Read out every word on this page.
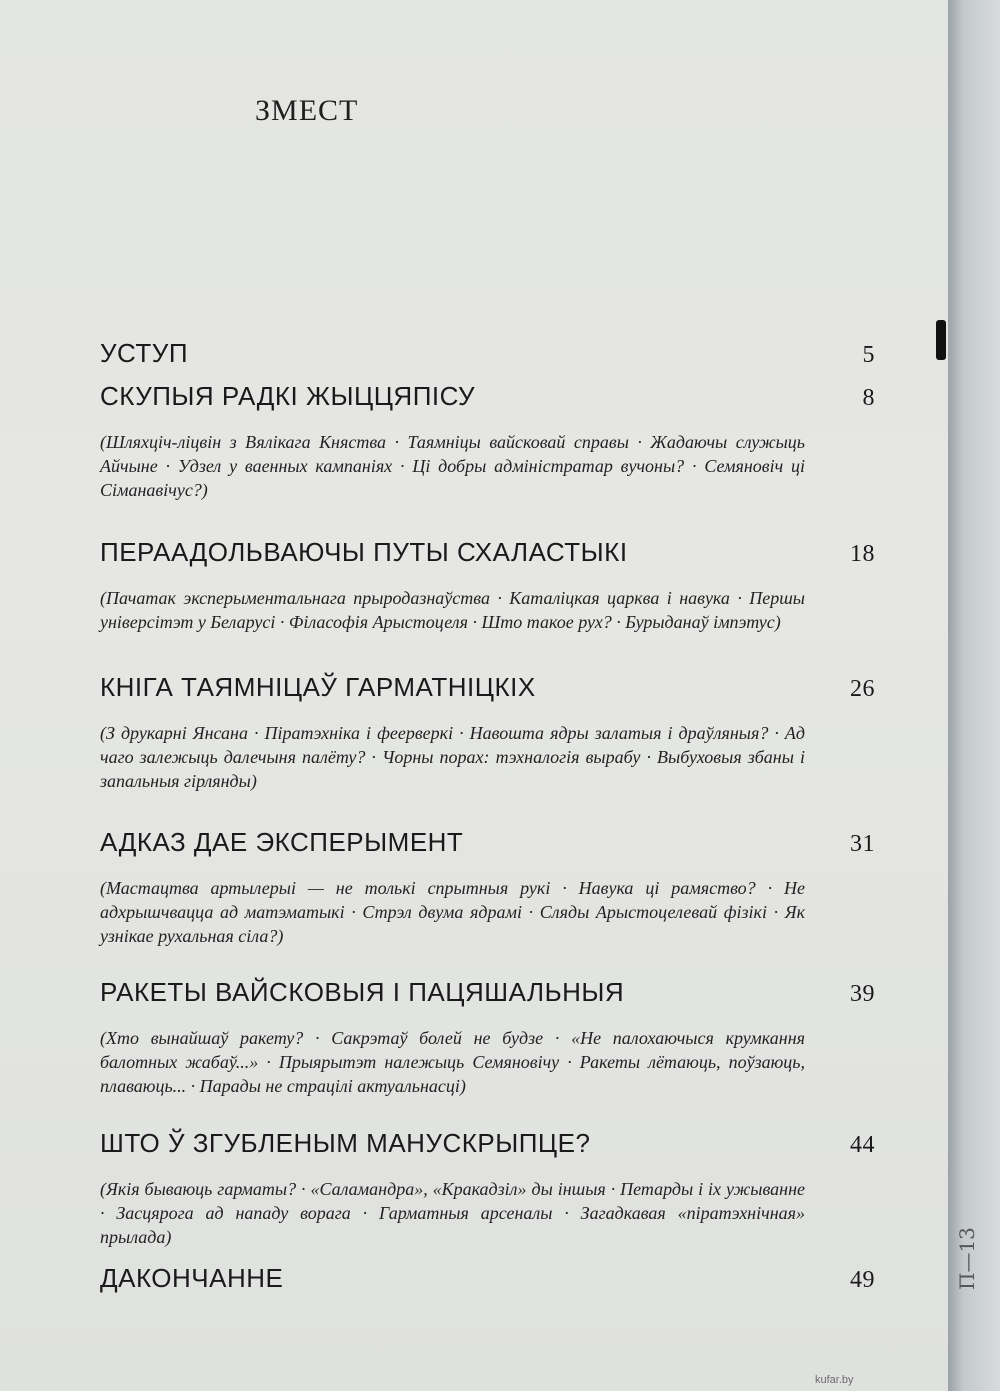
ЗМЕСТ
УСТУП	5
СКУПЫЯ РАДКІ ЖЫЦЦЯПІСУ	8
(Шляхціч-ліцвін з Вялікага Княства · Таямніцы вайсковай справы · Жадаючы служыць Айчыне · Удзел у ваенных кампаніях · Ці добры адміністратар вучоны? · Семяновіч ці Сіманавічус?)
ПЕРААДОЛЬВАЮЧЫ ПУТЫ СХАЛАСТЫКІ	18
(Пачатак эксперыментальнага прыродазнаўства · Каталіцкая царква і навука · Першы універсітэт у Беларусі · Філасофія Арыстоцеля · Што такое рух? · Бурыданаў імпэтус)
КНІГА ТАЯМНІЦАЎ ГАРМАТНІЦКІХ	26
(З друкарні Янсана · Піратэхніка і феерверкі · Навошта ядры залатыя і драўляныя? · Ад чаго залежыць далечыня палёту? · Чорны порах: тэхналогія вырабу · Выбуховыя збаны і запальныя гірлянды)
АДКАЗ ДАЕ ЭКСПЕРЫМЕНТ	31
(Мастацтва артылерыі — не толькі спрытныя рукі · Навука ці рамяство? · Не адхрышчвацца ад матэматыкі · Стрэл двума ядрамі · Сляды Арыстоцелевай фізікі · Як узнікае рухальная сіла?)
РАКЕТЫ ВАЙСКОВЫЯ І ПАЦЯШАЛЬНЫЯ	39
(Хто вынайшаў ракету? · Сакрэтаў болей не будзе · «Не палохаючыся крумкання балотных жабаў...» · Прыярытэт належыць Семяновічу · Ракеты лётаюць, поўзаюць, плаваюць... · Парады не страцілі актуальнасці)
ШТО Ў ЗГУБЛЕНЫМ МАНУСКРЫПЦЕ?	44
(Якія бываюць гарматы? · «Саламандра», «Кракадзіл» ды іншыя · Петарды і іх ужыванне · Засцярога ад нападу ворага · Гарматныя арсеналы · Загадкавая «піратэхнічная» прылада)
ДАКОНЧАННЕ	49
kufar.by
П—13
